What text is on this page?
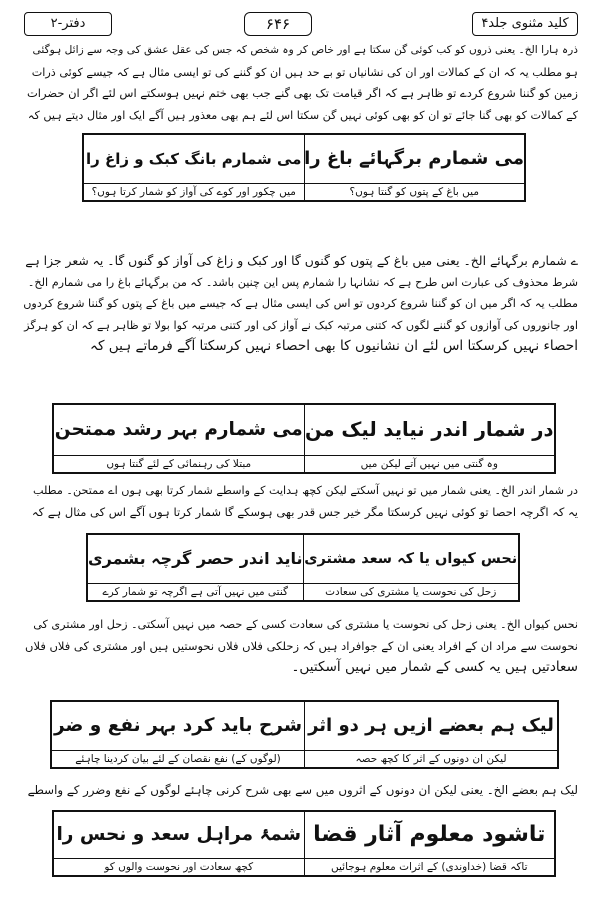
کلید مثنوی جلد۴
۶۴۶
دفتر-۲
ذرہ ہارا الخ۔ یعنی ذروں کو کب کوئی گن سکتا ہے اور خاص کر وہ شخص کہ جس کی عقل عشق کی وجہ سے زائل ہوگئی
ہو مطلب یہ کہ ان کے کمالات اور ان کی نشانیاں تو بے حد ہیں ان کو گننے کی تو ایسی مثال ہے کہ جیسے کوئی ذرات
زمین کو گننا شروع کردے تو ظاہر ہے کہ اگر قیامت تک بھی گنے جب بھی ختم نہیں ہوسکتے اس لئے اگر ان حضرات
کے کمالات کو بھی گنا جائے تو ان کو بھی کوئی نہیں گن سکتا اس لئے ہم بھی معذور ہیں آگے ایک اور مثال دیتے ہیں کہ
می شمارم برگہائے باغ را
می شمارم بانگ کبک و زاغ را
میں باغ کے پتوں کو گنتا ہوں؟
میں چکور اور کوے کی آواز کو شمار کرتا ہوں؟
ے شمارم برگہائے الخ۔ یعنی میں باغ کے پتوں کو گنوں گا اور کبک و زاغ کی آواز کو گنوں گا۔ یہ شعر جزا ہے
شرط محذوف کی عبارت اس طرح ہے کہ نشانہا را شمارم پس این چنین باشد۔ کہ من برگہائے باغ را می شمارم الخ۔
مطلب یہ کہ اگر میں ان کو گننا شروع کردوں تو اس کی ایسی مثال ہے کہ جیسے میں باغ کے پتوں کو گننا شروع کردوں
اور جانوروں کی آوازوں کو گننے لگوں کہ کتنی مرتبہ کبک نے آواز کی اور کتنی مرتبہ کوا بولا تو ظاہر ہے کہ ان کو ہرگز
احصاء نہیں کرسکتا اس لئے ان نشانیوں کا بھی احصاء نہیں کرسکتا آگے فرماتے ہیں کہ
در شمار اندر نیاید لیک من
می شمارم بہر رشد ممتحن
وہ گنتی میں نہیں آتے لیکن میں
مبتلا کی رہنمائی کے لئے گنتا ہوں
در شمار اندر الخ۔ یعنی شمار میں تو نہیں آسکتے لیکن کچھ ہدایت کے واسطے شمار کرتا بھی ہوں اے ممتحن۔ مطلب
یہ کہ اگرچہ احصا تو کوئی نہیں کرسکتا مگر خیر جس قدر بھی ہوسکے گا شمار کرتا ہوں آگے اس کی مثال ہے کہ
نحس کیواں یا کہ سعد مشتری
ناید اندر حصر گرچہ بشمری
زحل کی نحوست یا مشتری کی سعادت
گنتی میں نہیں آتی ہے اگرچہ تو شمار کرے
نحس کیواں الخ۔ یعنی زحل کی نحوست یا مشتری کی سعادت کسی کے حصہ میں نہیں آسکتی۔ زحل اور مشتری کی
نحوست سے مراد ان کے افراد یعنی ان کے جوافراد ہیں کہ زحلکی فلاں فلاں نحوستیں ہیں اور مشتری کی فلاں فلاں
سعادتیں ہیں یہ کسی کے شمار میں نہیں آسکتیں۔
لیک ہم بعضے ازیں ہر دو اثر
شرح باید کرد بہر نفع و ضر
لیکن ان دونوں کے اثر کا کچھ حصہ
(لوگوں کے) نفع نقصان کے لئے بیان کردینا چاہئے
لیک ہم بعضے الخ۔ یعنی لیکن ان دونوں کے اثروں میں سے بھی شرح کرنی چاہئے لوگوں کے نفع وضرر کے واسطے
تاشود معلوم آثار قضا
شمۂ مراہل سعد و نحس را
تاکہ قضا (خداوندی) کے اثرات معلوم ہوجائیں
کچھ سعادت اور نحوست والوں کو
